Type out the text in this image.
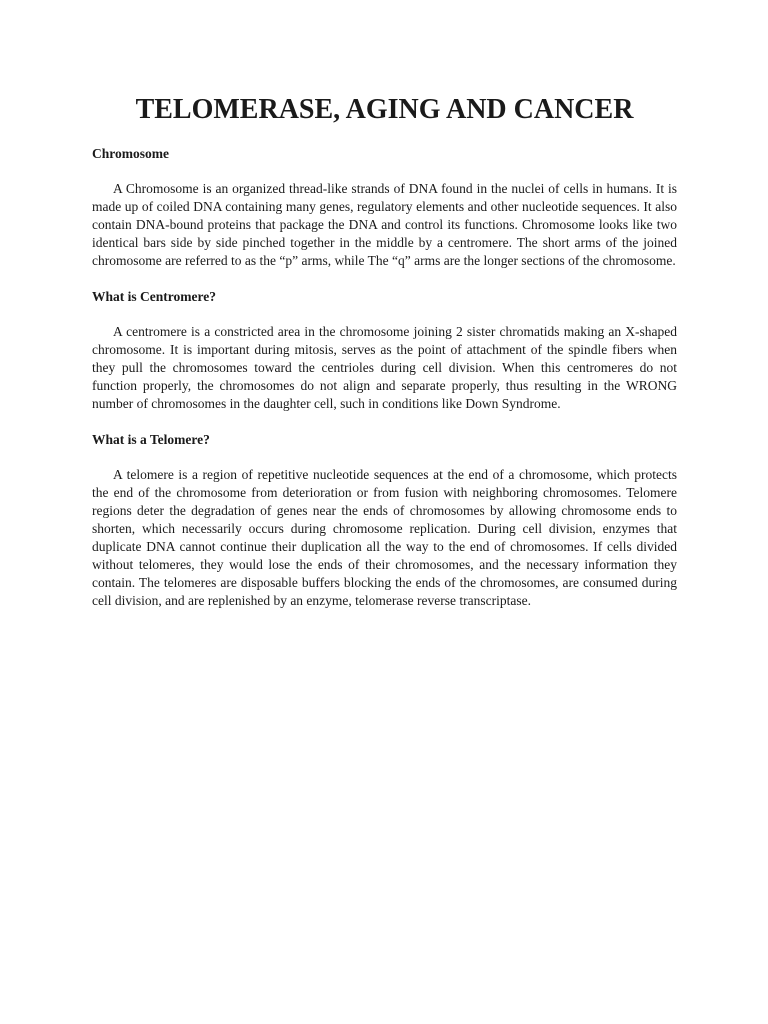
TELOMERASE, AGING AND CANCER
Chromosome

A Chromosome is an organized thread-like strands of DNA found in the nuclei of cells in humans. It is made up of coiled DNA containing many genes, regulatory elements and other nucleotide sequences. It also contain DNA-bound proteins that package the DNA and control its functions. Chromosome looks like two identical bars side by side pinched together in the middle by a centromere. The short arms of the joined chromosome are referred to as the “p” arms, while The “q” arms are the longer sections of the chromosome.

What is Centromere?

A centromere is a constricted area in the chromosome joining 2 sister chromatids making an X-shaped chromosome. It is important during mitosis, serves as the point of attachment of the spindle fibers when they pull the chromosomes toward the centrioles during cell division. When this centromeres do not function properly, the chromosomes do not align and separate properly, thus resulting in the WRONG number of chromosomes in the daughter cell, such in conditions like Down Syndrome.

What is a Telomere?

A telomere is a region of repetitive nucleotide sequences at the end of a chromosome, which protects the end of the chromosome from deterioration or from fusion with neighboring chromosomes. Telomere regions deter the degradation of genes near the ends of chromosomes by allowing chromosome ends to shorten, which necessarily occurs during chromosome replication. During cell division, enzymes that duplicate DNA cannot continue their duplication all the way to the end of chromosomes. If cells divided without telomeres, they would lose the ends of their chromosomes, and the necessary information they contain. The telomeres are disposable buffers blocking the ends of the chromosomes, are consumed during cell division, and are replenished by an enzyme, telomerase reverse transcriptase.
